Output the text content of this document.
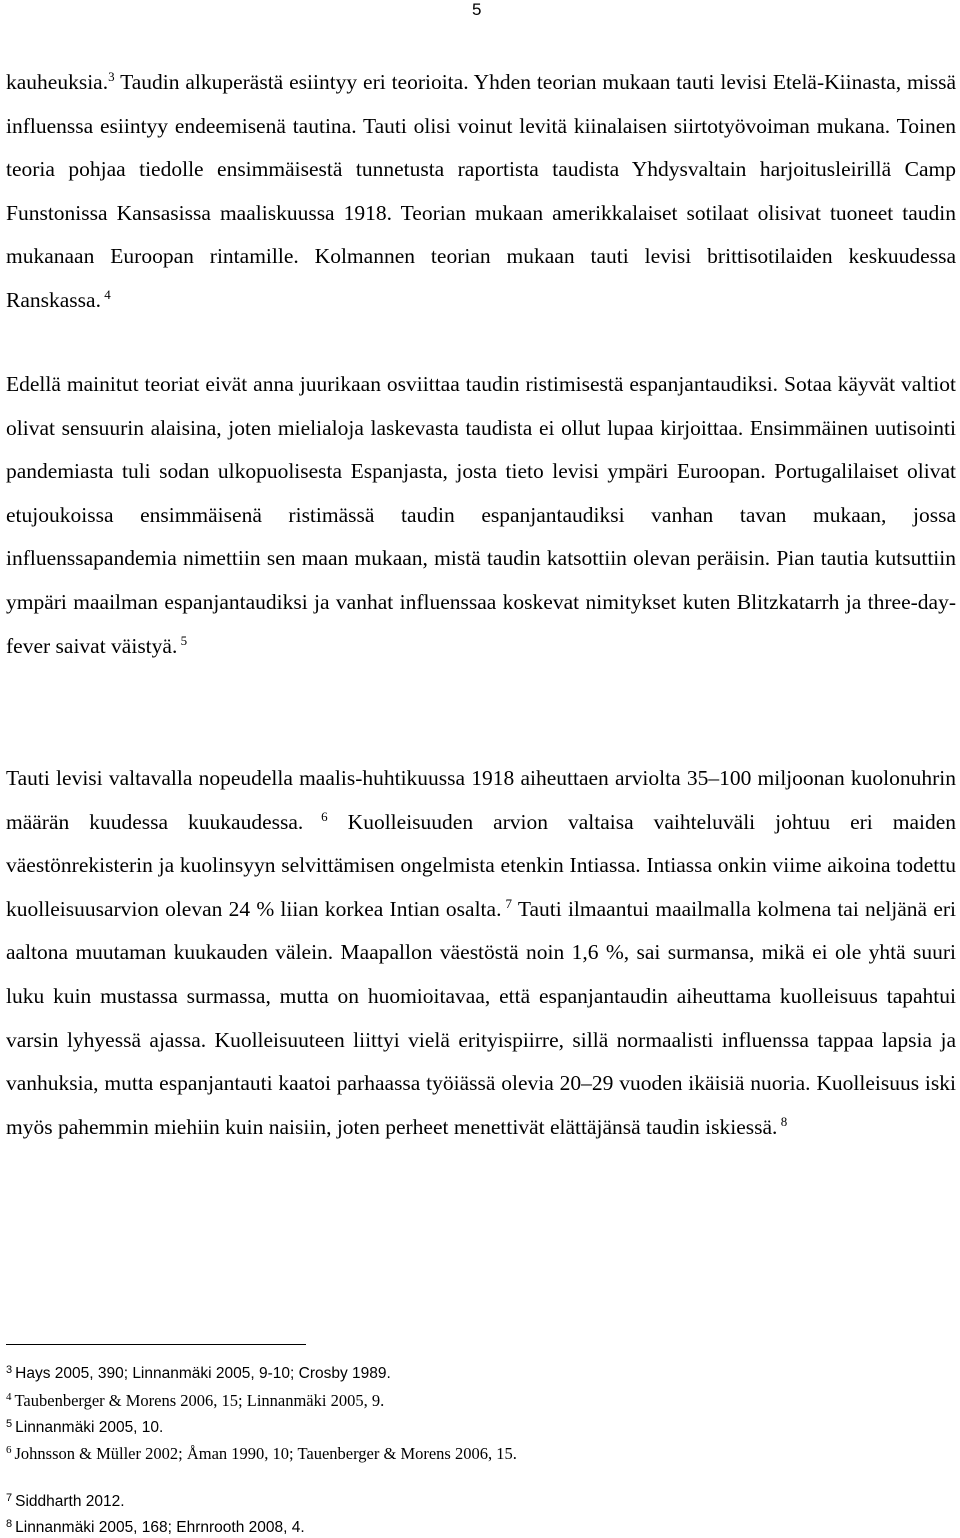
5

kauheuksia.$^3$ Taudin alkuperästä esiintyy eri teorioita. Yhden teorian mukaan tauti levisi Etelä-Kiinasta, missä influenssa esiintyy endeemisenä tautina. Tauti olisi voinut levitä kiinalaisen siirtotyövoiman mukana. Toinen teoria pohjaa tiedolle ensimmäisestä tunnetusta raportista taudista Yhdysvaltain harjoitusleirillä Camp Funstonissa Kansasissa maaliskuussa 1918. Teorian mukaan amerikkalaiset sotilaat olisivat tuoneet taudin mukanaan Euroopan rintamille. Kolmannen teorian mukaan tauti levisi brittisotilaiden keskuudessa Ranskassa. $^4$

Edellä mainitut teoriat eivät anna juurikaan osviittaa taudin ristimisestä espanjantaudiksi. Sotaa käyvät valtiot olivat sensuurin alaisina, joten mielialoja laskevasta taudista ei ollut lupaa kirjoittaa. Ensimmäinen uutisointi pandemiasta tuli sodan ulkopuolisesta Espanjasta, josta tieto levisi ympäri Euroopan. Portugalilaiset olivat etujoukoissa ensimmäisenä ristimässä taudin espanjantaudiksi vanhan tavan mukaan, jossa influenssapandemia nimettiin sen maan mukaan, mistä taudin katsottiin olevan peräisin. Pian tautia kutsuttiin ympäri maailman espanjantaudiksi ja vanhat influenssaa koskevat nimitykset kuten Blitzkatarrh ja three-day-fever saivat väistyä. $^5$

Tauti levisi valtavalla nopeudella maalis-huhtikuussa 1918 aiheuttaen arviolta 35–100 miljoonan kuolonuhrin määrän kuudessa kuukaudessa. $^6$ Kuolleisuuden arvion valtaisa vaihteluväli johtuu eri maiden väestönrekisterin ja kuolinsyyn selvittämisen ongelmista etenkin Intiassa. Intiassa onkin viime aikoina todettu kuolleisuusarvion olevan 24 % liian korkea Intian osalta. $^7$ Tauti ilmaantui maailmalla kolmena tai neljänä eri aaltona muutaman kuukauden välein. Maapallon väestöstä noin 1,6 %, sai surmansa, mikä ei ole yhtä suuri luku kuin mustassa surmassa, mutta on huomioitavaa, että espanjantaudin aiheuttama kuolleisuus tapahtui varsin lyhyessä ajassa. Kuolleisuuteen liittyi vielä erityispiirre, sillä normaalisti influenssa tappaa lapsia ja vanhuksia, mutta espanjantauti kaatoi parhaassa työiässä olevia 20–29 vuoden ikäisiä nuoria. Kuolleisuus iski myös pahemmin miehiin kuin naisiin, joten perheet menettivät elättäjänsä taudin iskiessä. $^8$

$^3$ Hays 2005, 390; Linnanmäki 2005, 9-10; Crosby 1989.
$^4$ Taubenberger & Morens 2006, 15; Linnanmäki 2005, 9.
$^5$ Linnanmäki 2005, 10.
$^6$ Johnsson & Müller 2002; Åman 1990, 10; Tauenberger & Morens 2006, 15.
$^7$ Siddharth 2012.
$^8$ Linnanmäki 2005, 168; Ehrnrooth 2008, 4.
